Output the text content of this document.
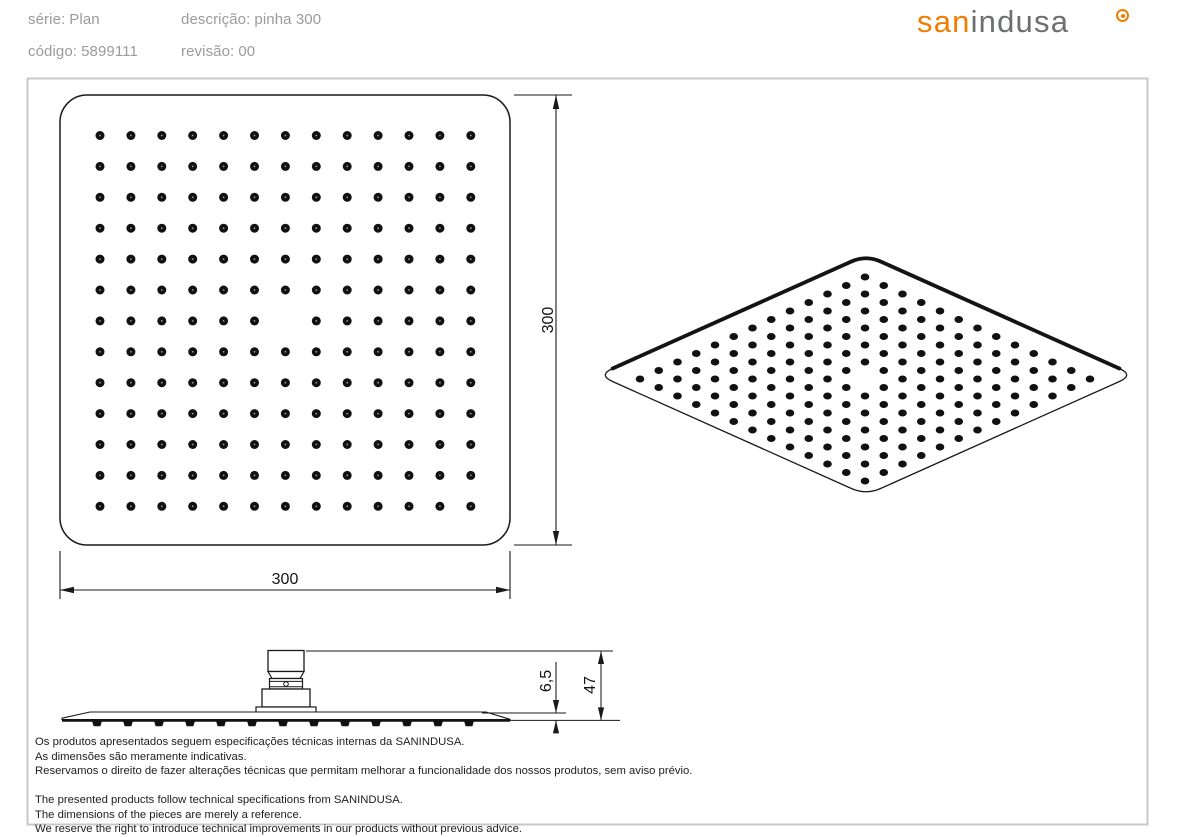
série: Plan	descrição: pinha 300
código: 5899111	revisão: 00
sanindusa
300
300
6,5 47
Os produtos apresentados seguem especificações técnicas internas da SANINDUSA.
As dimensões são meramente indicativas.
Reservamos o direito de fazer alterações técnicas que permitam melhorar a funcionalidade dos nossos produtos, sem aviso prévio.
The presented products follow technical specifications from SANINDUSA.
The dimensions of the pieces are merely a reference.
We reserve the right to introduce technical improvements in our products without previous advice.
